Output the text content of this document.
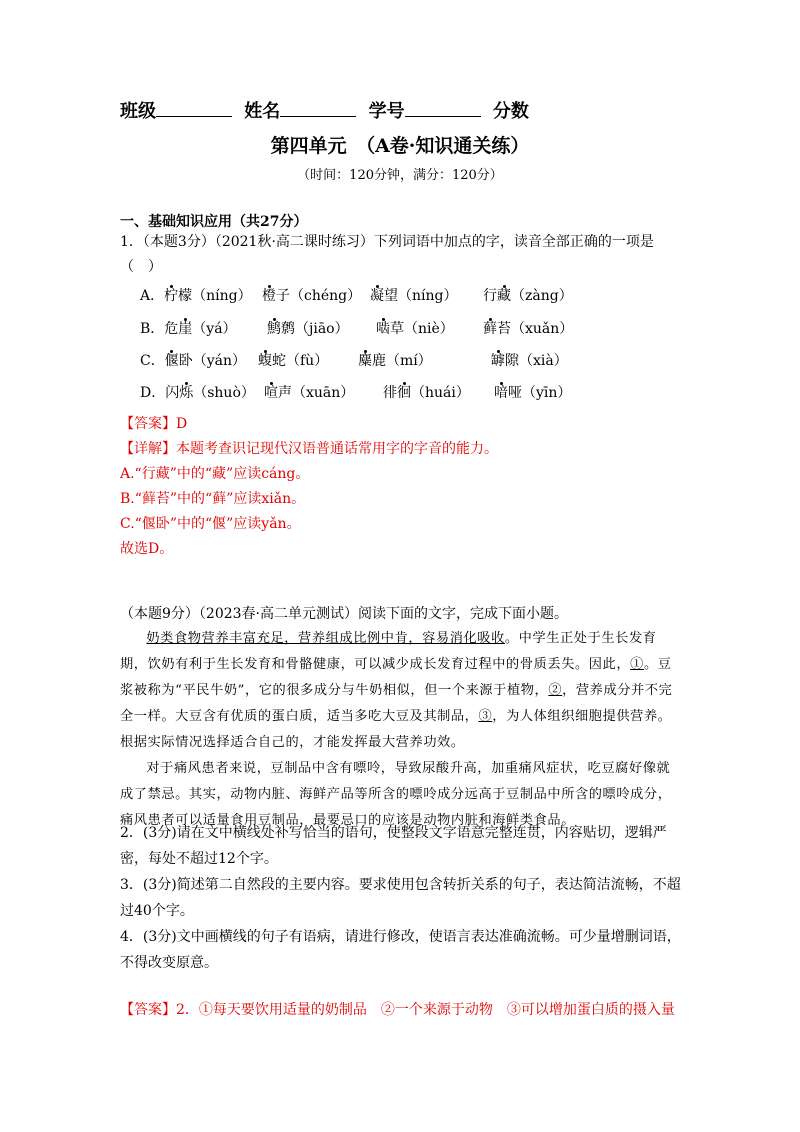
班级	姓名	学号	分数
第四单元　（A卷·知识通关练）
（时间：120分钟，满分：120分）
一、基础知识应用（共27分）
1．（本题3分）（2021秋·高二课时练习）下列词语中加点的字，读音全部正确的一项是
（　）
A．柠檬（níng） 橙子（chéng） 凝望（níng） 行藏（zàng）
B．危崖（yá） 鹪鹩（jiāo） 啮草（niè） 藓苔（xuǎn）
C．偃卧（yán） 蝮蛇（fù） 麋鹿（mí）	罅隙（xià）
D．闪烁（shuò） 喧声（xuān） 徘徊（huái） 喑哑（yīn）
【答案】D
【详解】本题考查识记现代汉语普通话常用字的字音的能力。
A.“行藏”中的“藏”应读cáng。
B.“藓苔”中的“藓”应读xiǎn。
C.“偃卧”中的“偃”应读yǎn。
故选D。
（本题9分）（2023春·高二单元测试）阅读下面的文字，完成下面小题。

奶类食物营养丰富充足，营养组成比例中肯，容易消化吸收。中学生正处于生长发育期，饮奶有利于生长发育和骨骼健康，可以减少成长发育过程中的骨质丢失。因此，①。豆浆被称为“平民牛奶”，它的很多成分与牛奶相似，但一个来源于植物，②，营养成分并不完全一样。大豆含有优质的蛋白质，适当多吃大豆及其制品，③，为人体组织细胞提供营养。根据实际情况选择适合自己的，才能发挥最大营养功效。

对于痛风患者来说，豆制品中含有嘌呤，导致尿酸升高，加重痛风症状，吃豆腐好像就成了禁忌。其实，动物内脏、海鲜产品等所含的嘌呤成分远高于豆制品中所含的嘌呤成分，痛风患者可以适量食用豆制品，最要忌口的应该是动物内脏和海鲜类食品。

2．(3分)请在文中横线处补写恰当的语句，使整段文字语意完整连贯，内容贴切，逻辑严密，每处不超过12个字。
3．(3分)简述第二自然段的主要内容。要求使用包含转折关系的句子，表达简洁流畅，不超过40个字。
4．(3分)文中画横线的句子有语病，请进行修改，使语言表达准确流畅。可少量增删词语，不得改变原意。
【答案】2．①每天要饮用适量的奶制品　②一个来源于动物　③可以增加蛋白质的摄入量
